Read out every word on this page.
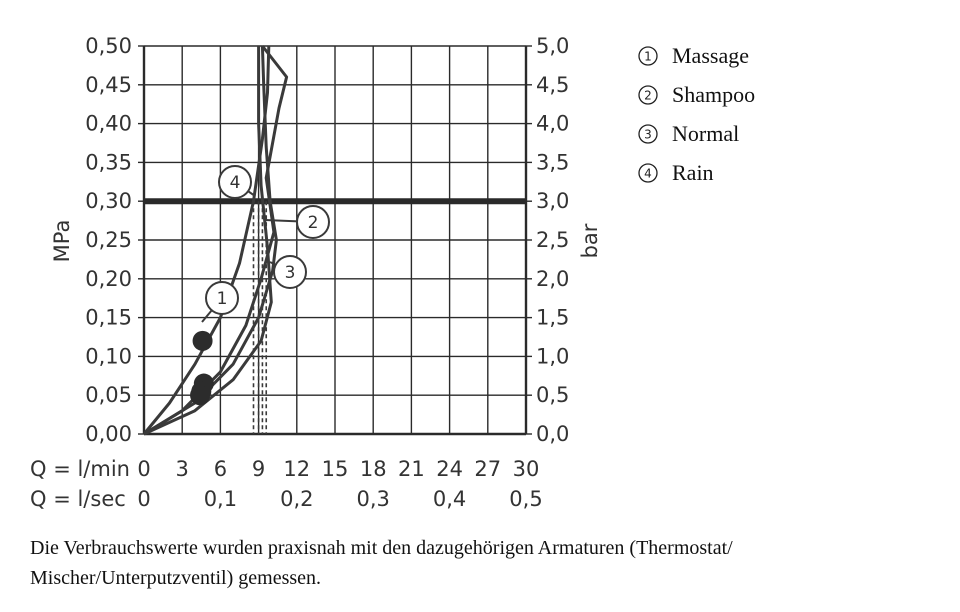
0,00	0,0
0,05	0,5
0,10	1,0
0,15	1,5
0,20	2,0
0,25	2,5
0,30	3,0
0,35	3,5
0,40	4,0
0,45	4,5
0,50	5,0
MPa	bar
Q = l/min 0 3 6 9 12 15 18 21 24 27 30
Q = l/sec 0	0,1 0,2 0,3 0,4 0,5
1
2
3
4
1 Massage
2 Shampoo
3 Normal
4 Rain
Die Verbrauchswerte wurden praxisnah mit den dazugehörigen Armaturen (Thermostat/ Mischer/Unterputzventil) gemessen.
